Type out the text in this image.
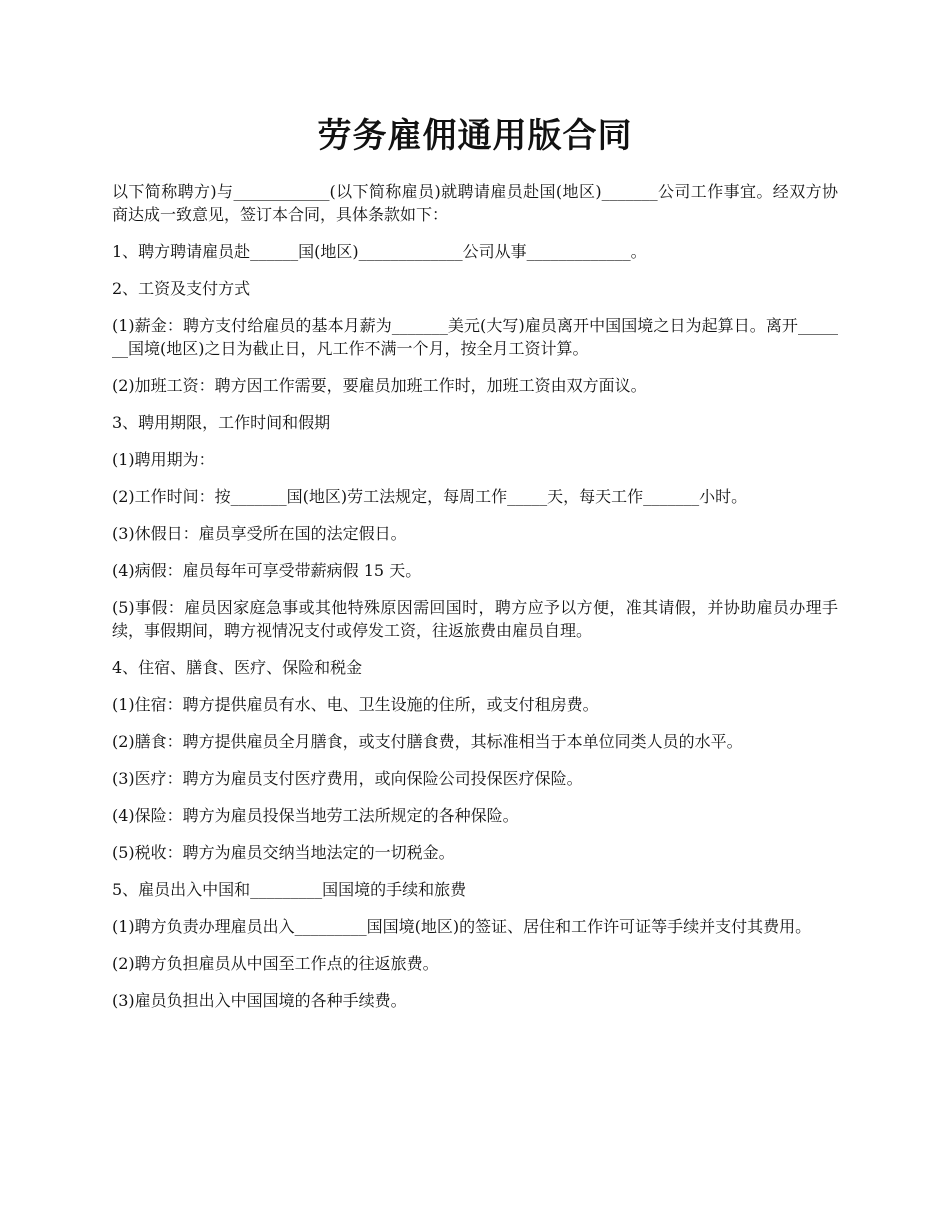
劳务雇佣通用版合同

以下简称聘方)与____________(以下简称雇员)就聘请雇员赴国(地区)_______公司工作事宜。经双方协商达成一致意见，签订本合同，具体条款如下：

1、聘方聘请雇员赴______国(地区)_____________公司从事_____________。

2、工资及支付方式

(1)薪金：聘方支付给雇员的基本月薪为_______美元(大写)雇员离开中国国境之日为起算日。离开_______国境(地区)之日为截止日，凡工作不满一个月，按全月工资计算。

(2)加班工资：聘方因工作需要，要雇员加班工作时，加班工资由双方面议。

3、聘用期限，工作时间和假期

(1)聘用期为：

(2)工作时间：按_______国(地区)劳工法规定，每周工作_____天，每天工作_______小时。

(3)休假日：雇员享受所在国的法定假日。

(4)病假：雇员每年可享受带薪病假 15 天。

(5)事假：雇员因家庭急事或其他特殊原因需回国时，聘方应予以方便，准其请假，并协助雇员办理手续，事假期间，聘方视情况支付或停发工资，往返旅费由雇员自理。

4、住宿、膳食、医疗、保险和税金

(1)住宿：聘方提供雇员有水、电、卫生设施的住所，或支付租房费。

(2)膳食：聘方提供雇员全月膳食，或支付膳食费，其标准相当于本单位同类人员的水平。

(3)医疗：聘方为雇员支付医疗费用，或向保险公司投保医疗保险。

(4)保险：聘方为雇员投保当地劳工法所规定的各种保险。

(5)税收：聘方为雇员交纳当地法定的一切税金。

5、雇员出入中国和_________国国境的手续和旅费

(1)聘方负责办理雇员出入_________国国境(地区)的签证、居住和工作许可证等手续并支付其费用。

(2)聘方负担雇员从中国至工作点的往返旅费。

(3)雇员负担出入中国国境的各种手续费。
